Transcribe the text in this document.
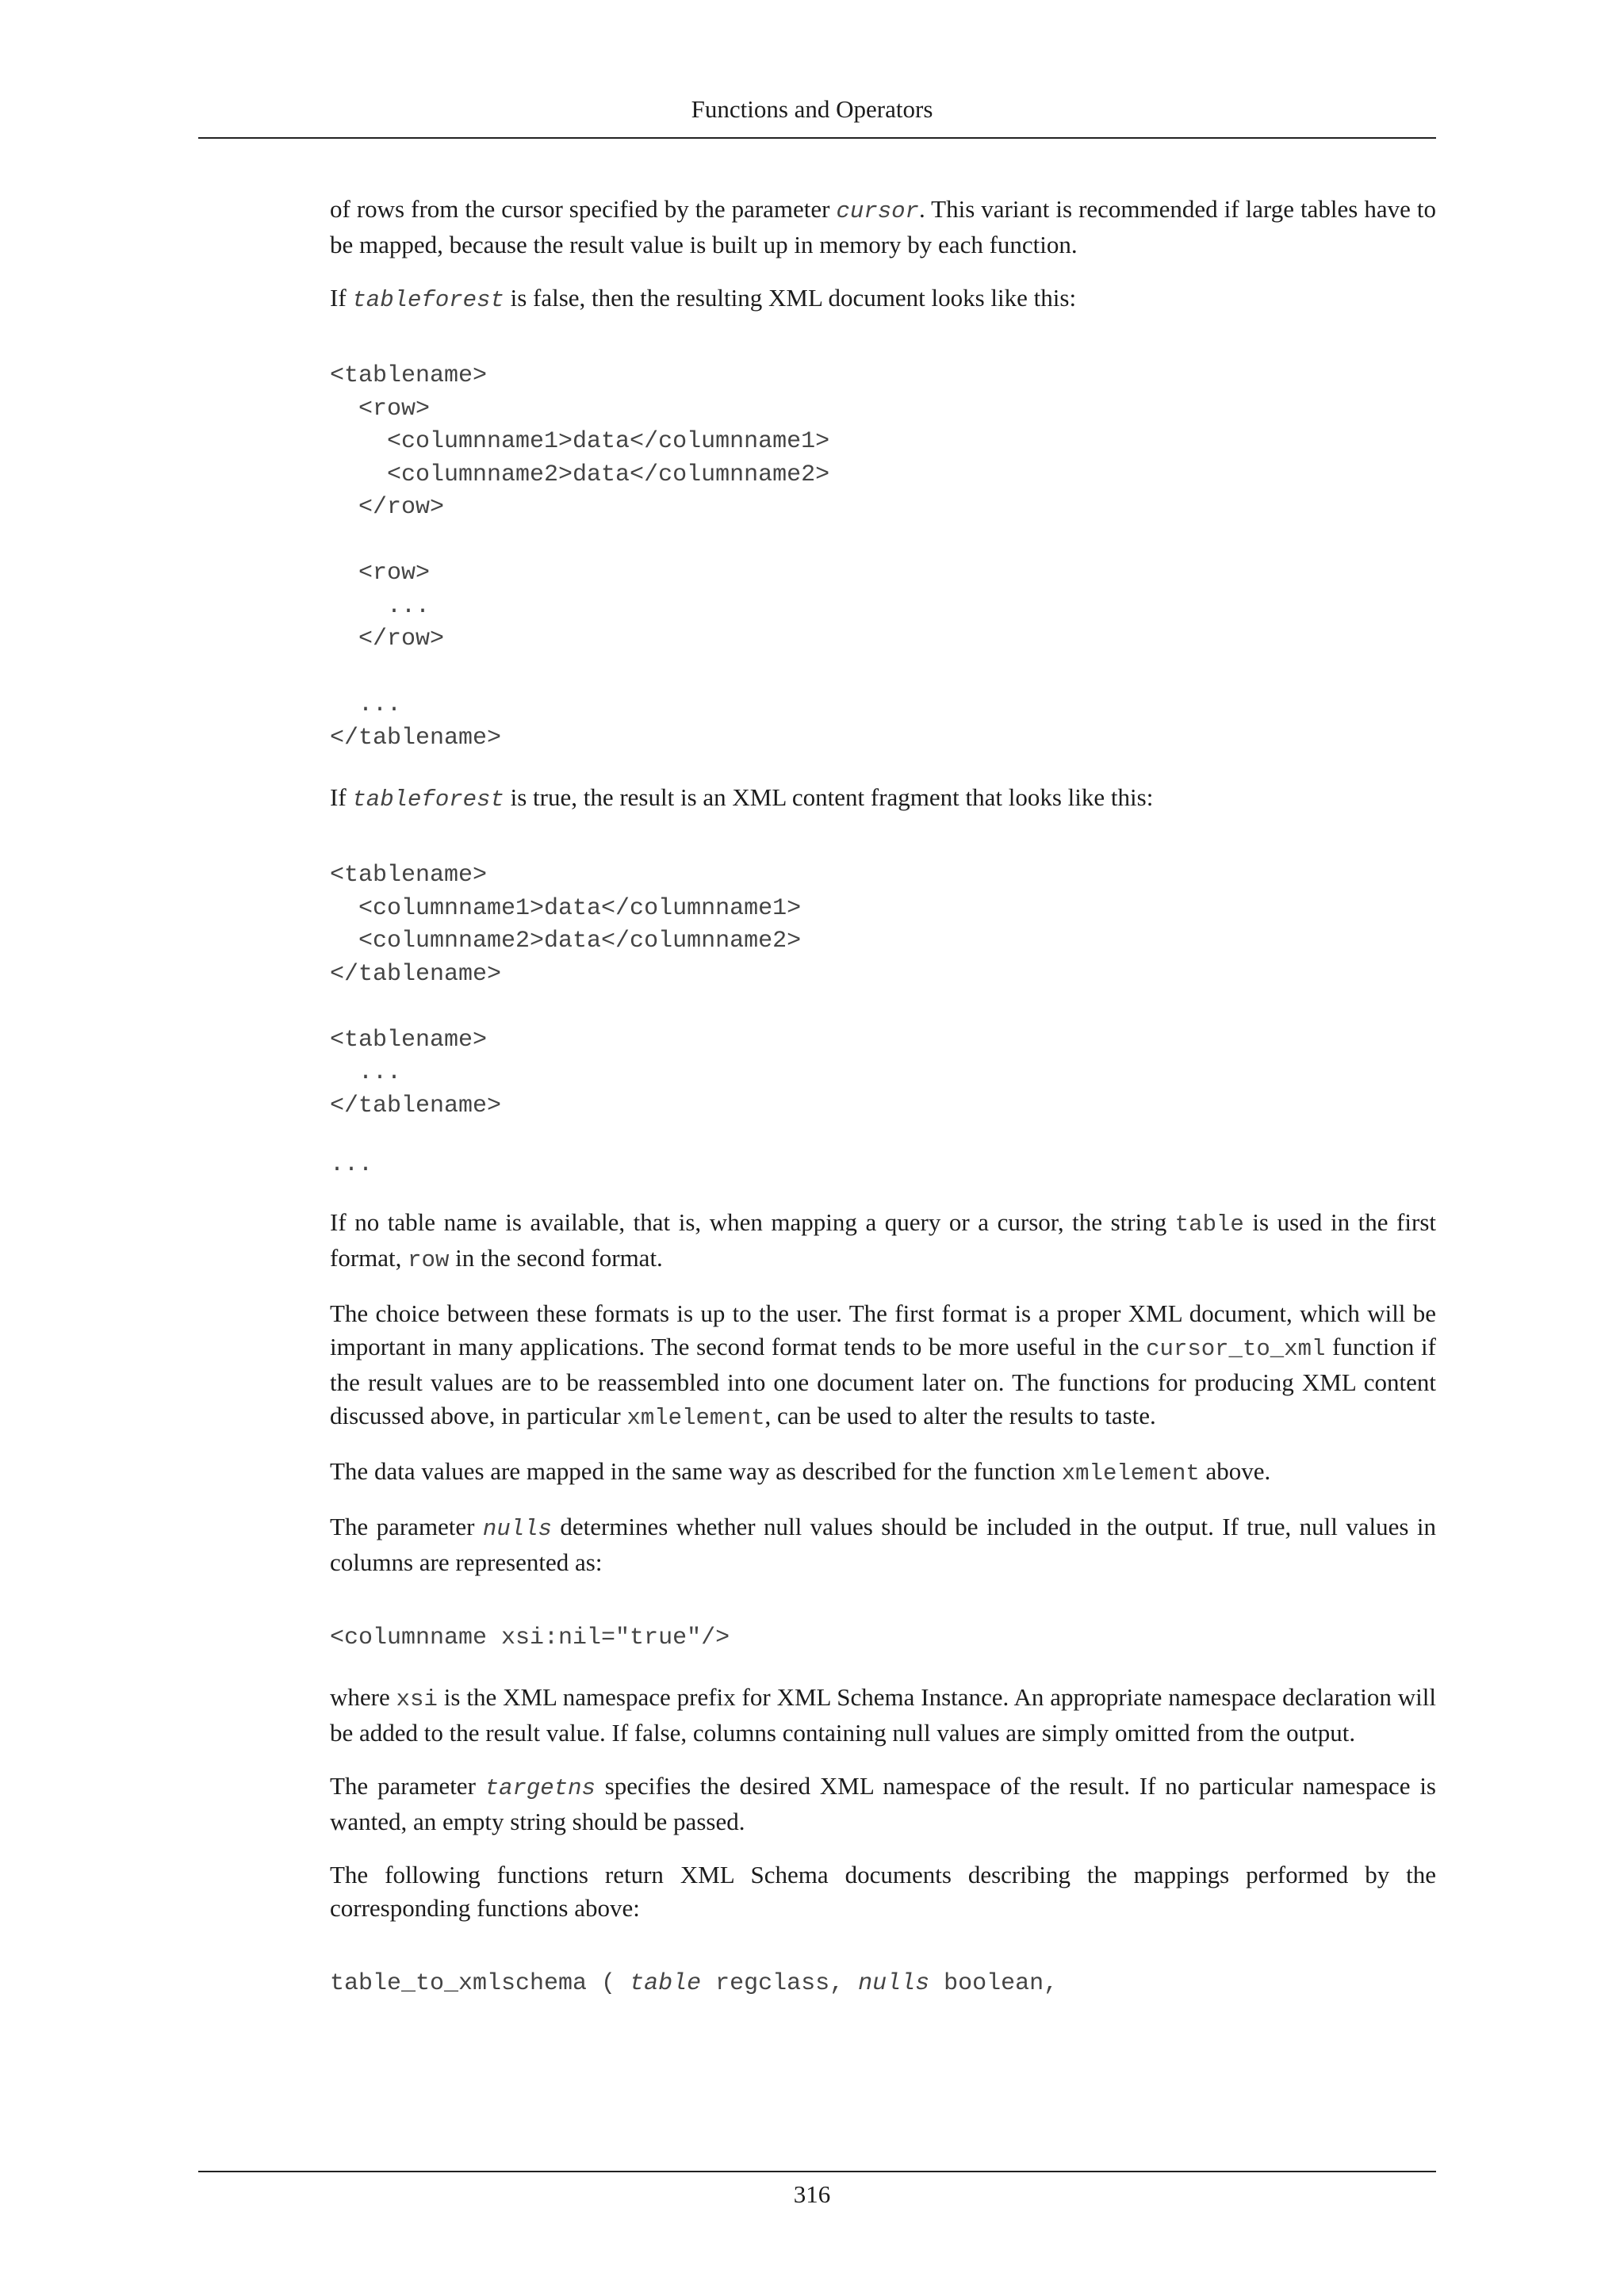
Functions and Operators

of rows from the cursor specified by the parameter cursor. This variant is recommended if large tables have to be mapped, because the result value is built up in memory by each function.

If tableforest is false, then the resulting XML document looks like this:

<tablename>
<row>
<columnname1>data</columnname1>
<columnname2>data</columnname2>
</row>

<row>
...
</row>

...
</tablename>

If tableforest is true, the result is an XML content fragment that looks like this:

<tablename>
<columnname1>data</columnname1>
<columnname2>data</columnname2>
</tablename>

<tablename>
...
</tablename>
...

If no table name is available, that is, when mapping a query or a cursor, the string table is used in the first format, row in the second format.

The choice between these formats is up to the user. The first format is a proper XML document, which will be important in many applications. The second format tends to be more useful in the cursor_to_xml function if the result values are to be reassembled into one document later on. The functions for producing XML content discussed above, in particular xmlelement, can be used to alter the results to taste.

The data values are mapped in the same way as described for the function xmlelement above.

The parameter nulls determines whether null values should be included in the output. If true, null values in columns are represented as:

<columnname xsi:nil="true"/>

where xsi is the XML namespace prefix for XML Schema Instance. An appropriate namespace declaration will be added to the result value. If false, columns containing null values are simply omitted from the output.

The parameter targetns specifies the desired XML namespace of the result. If no particular namespace is wanted, an empty string should be passed.

The following functions return XML Schema documents describing the mappings performed by the corresponding functions above:

table_to_xmlschema ( table regclass, nulls boolean,
316
